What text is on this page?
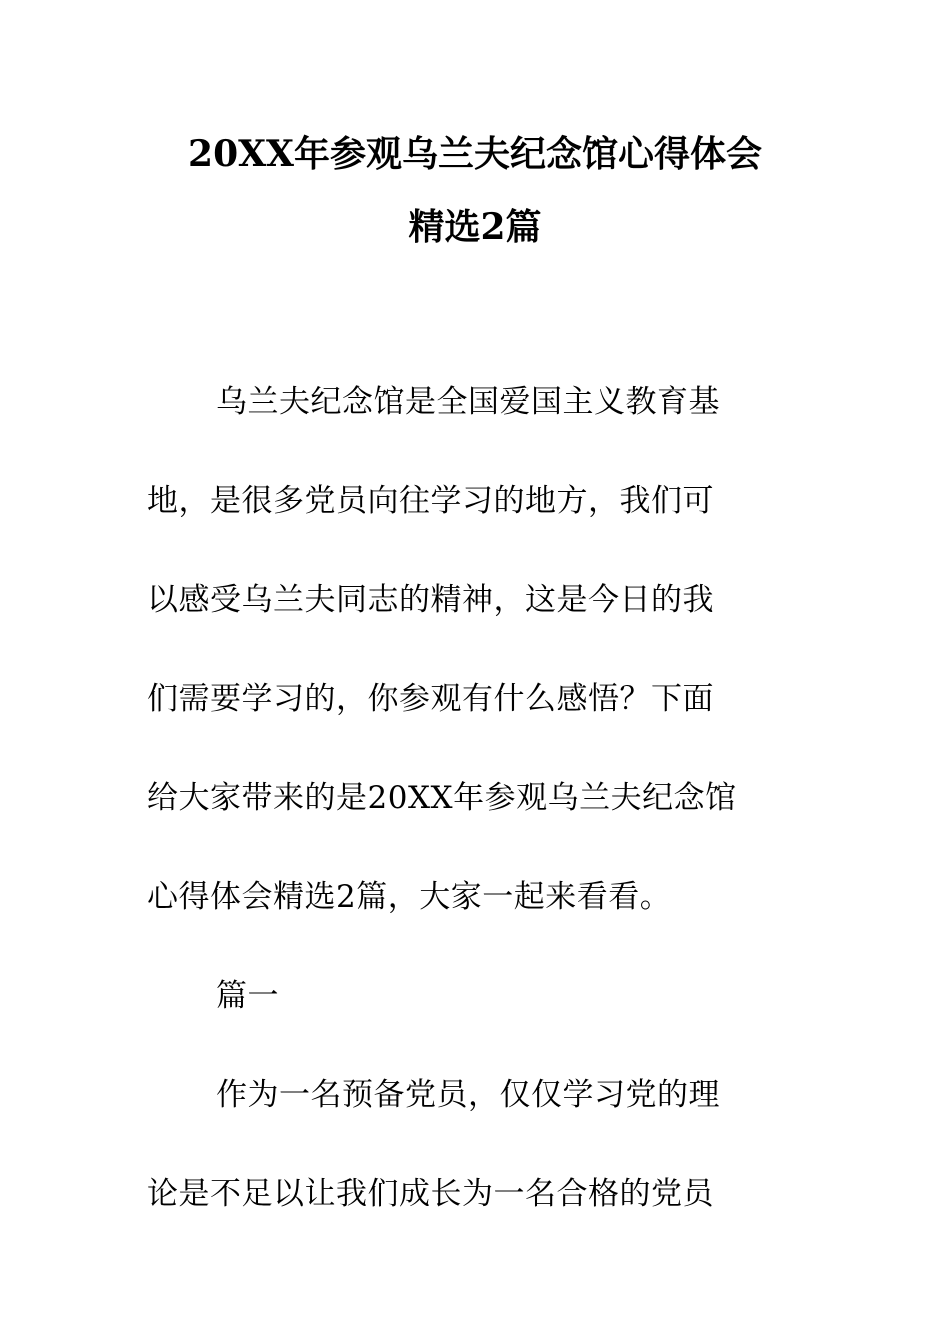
20XX年参观乌兰夫纪念馆心得体会
精选2篇

乌兰夫纪念馆是全国爱国主义教育基

地，是很多党员向往学习的地方，我们可

以感受乌兰夫同志的精神，这是今日的我

们需要学习的，你参观有什么感悟？下面

给大家带来的是20XX年参观乌兰夫纪念馆

心得体会精选2篇，大家一起来看看。

篇一

作为一名预备党员，仅仅学习党的理

论是不足以让我们成长为一名合格的党员
